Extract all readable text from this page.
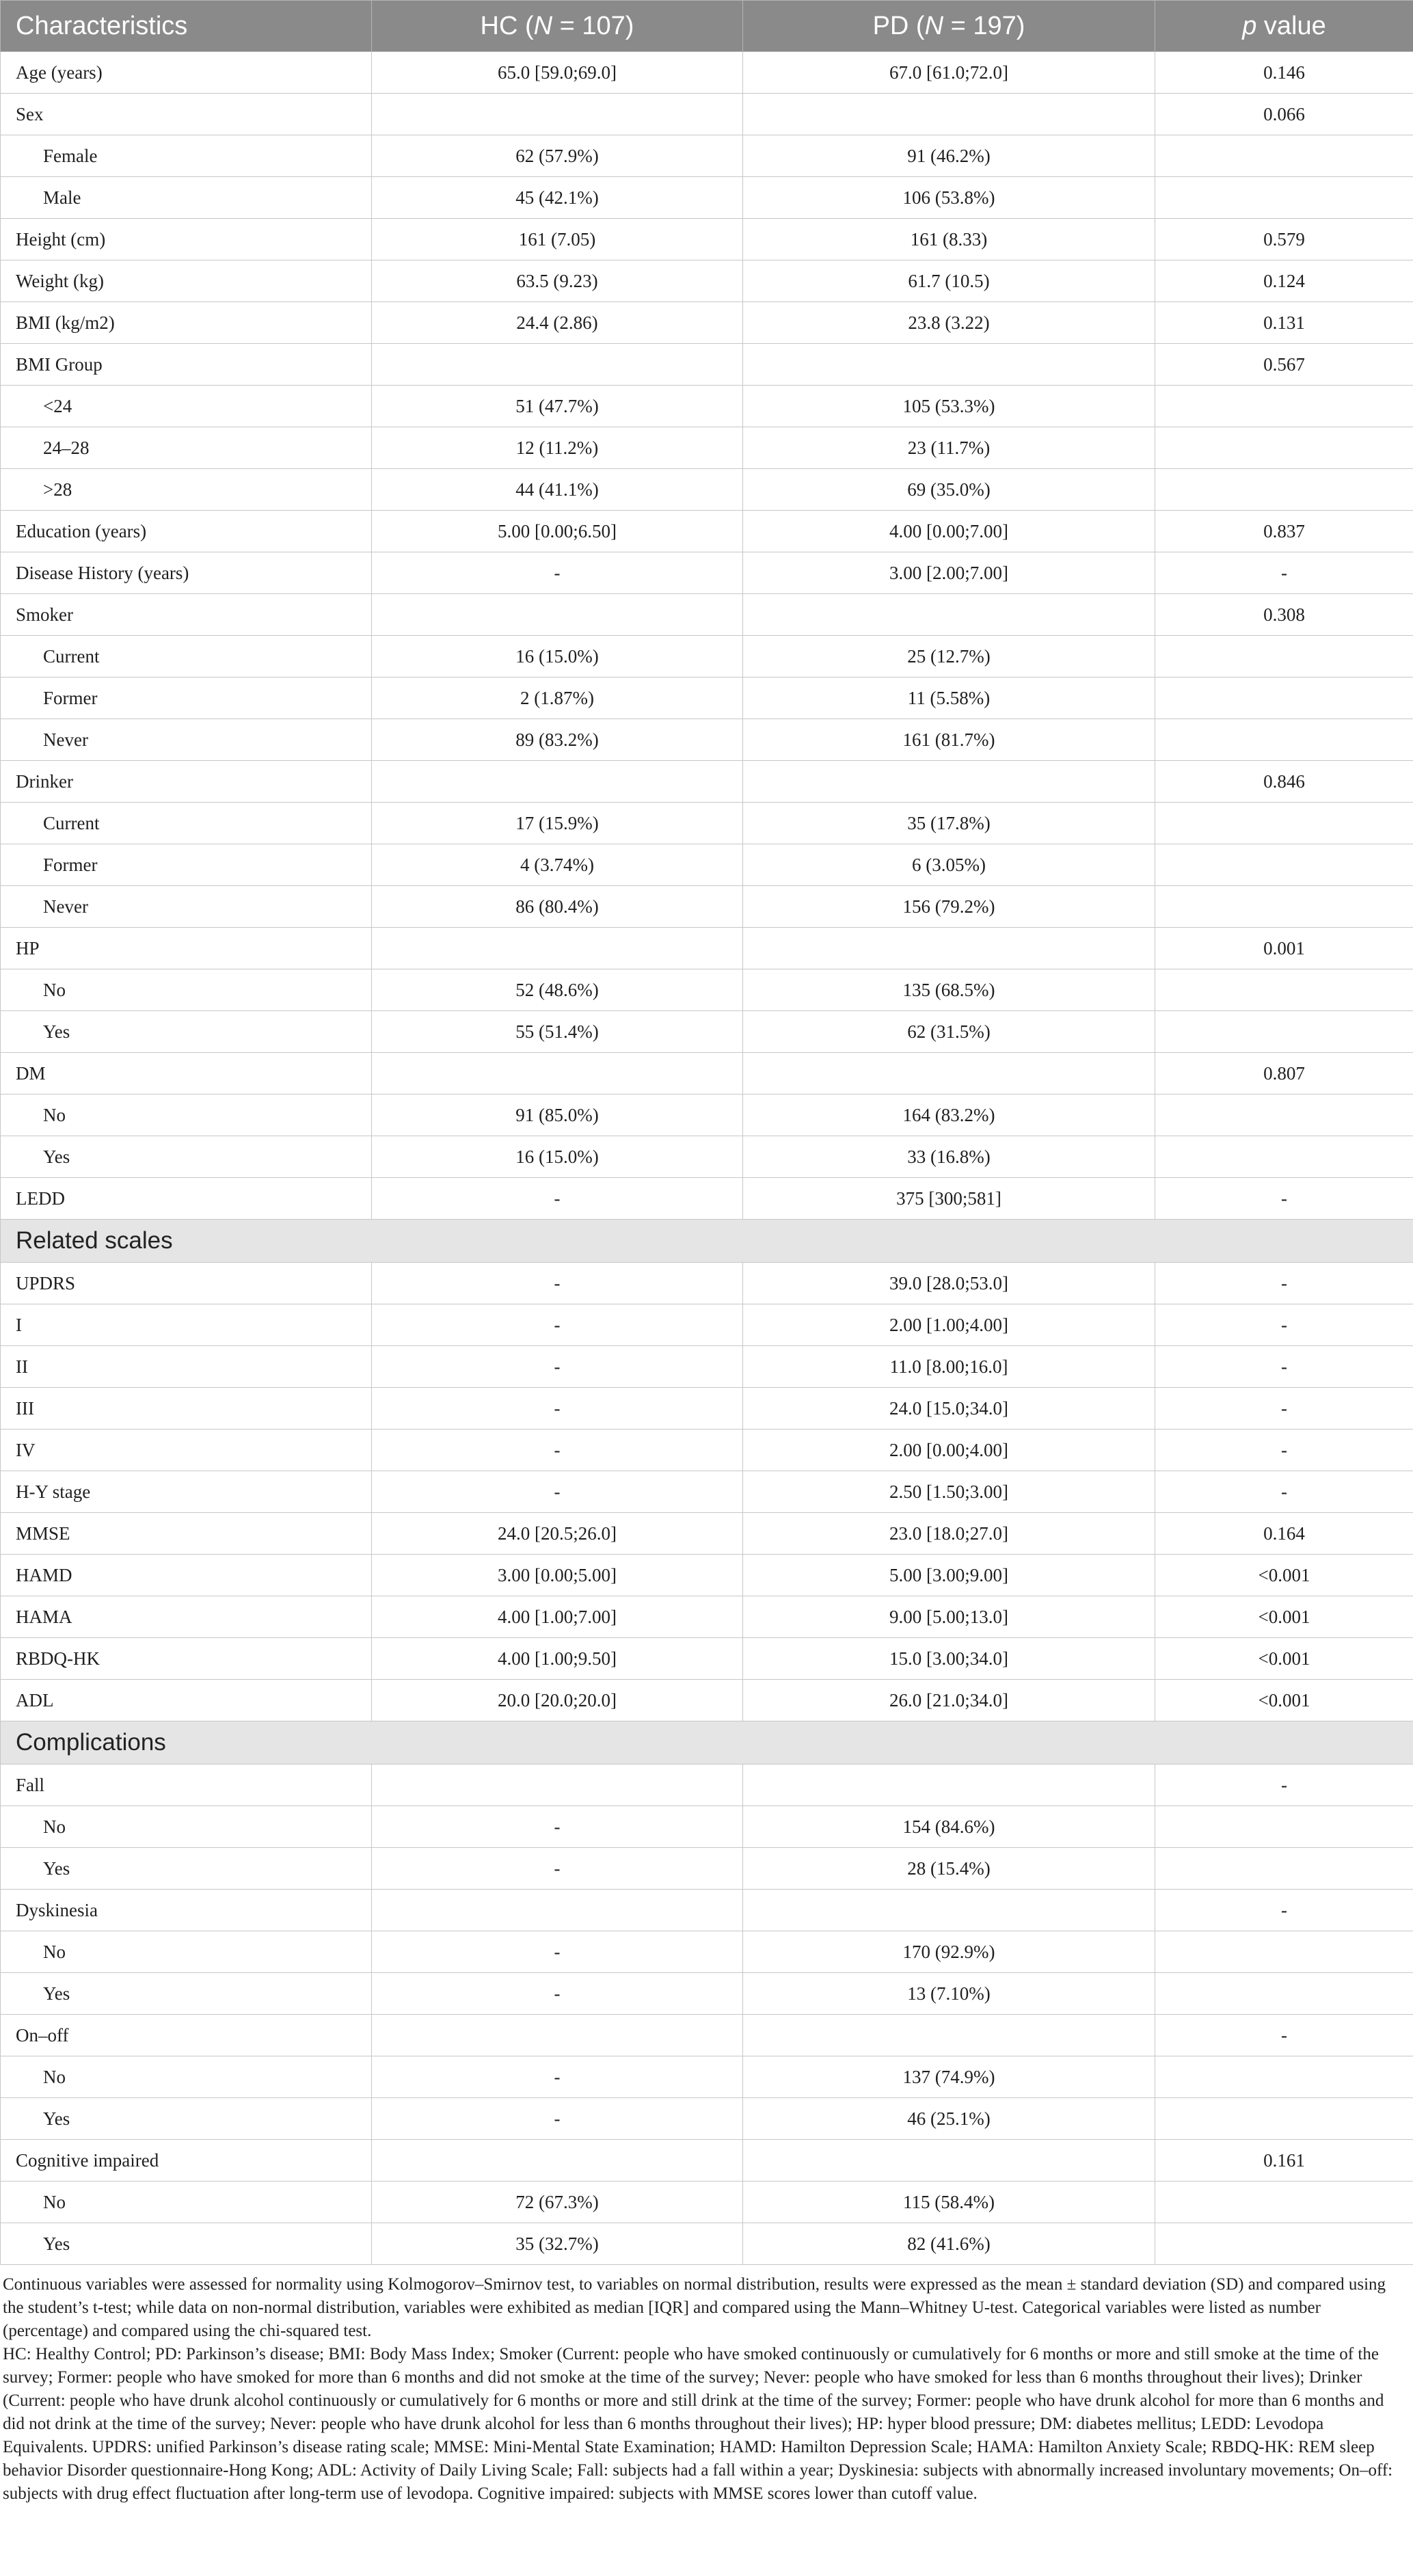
Characteristics	HC (N = 107)	PD (N = 197)	p value
Age (years)	65.0 [59.0;69.0]	67.0 [61.0;72.0]	0.146
Sex			0.066
Female	62 (57.9%)	91 (46.2%)	
Male	45 (42.1%)	106 (53.8%)	
Height (cm)	161 (7.05)	161 (8.33)	0.579
Weight (kg)	63.5 (9.23)	61.7 (10.5)	0.124
BMI (kg/m2)	24.4 (2.86)	23.8 (3.22)	0.131
BMI Group			0.567
<24	51 (47.7%)	105 (53.3%)	
24–28	12 (11.2%)	23 (11.7%)	
>28	44 (41.1%)	69 (35.0%)	
Education (years)	5.00 [0.00;6.50]	4.00 [0.00;7.00]	0.837
Disease History (years)	-	3.00 [2.00;7.00]	-
Smoker			0.308
Current	16 (15.0%)	25 (12.7%)	
Former	2 (1.87%)	11 (5.58%)	
Never	89 (83.2%)	161 (81.7%)	
Drinker			0.846
Current	17 (15.9%)	35 (17.8%)	
Former	4 (3.74%)	6 (3.05%)	
Never	86 (80.4%)	156 (79.2%)	
HP			0.001
No	52 (48.6%)	135 (68.5%)	
Yes	55 (51.4%)	62 (31.5%)	
DM			0.807
No	91 (85.0%)	164 (83.2%)	
Yes	16 (15.0%)	33 (16.8%)	
LEDD	-	375 [300;581]	-
Related scales			
UPDRS	-	39.0 [28.0;53.0]	-
I	-	2.00 [1.00;4.00]	-
II	-	11.0 [8.00;16.0]	-
III	-	24.0 [15.0;34.0]	-
IV	-	2.00 [0.00;4.00]	-
H-Y stage	-	2.50 [1.50;3.00]	-
MMSE	24.0 [20.5;26.0]	23.0 [18.0;27.0]	0.164
HAMD	3.00 [0.00;5.00]	5.00 [3.00;9.00]	<0.001
HAMA	4.00 [1.00;7.00]	9.00 [5.00;13.0]	<0.001
RBDQ-HK	4.00 [1.00;9.50]	15.0 [3.00;34.0]	<0.001
ADL	20.0 [20.0;20.0]	26.0 [21.0;34.0]	<0.001
Complications			
Fall			-
No	-	154 (84.6%)	
Yes	-	28 (15.4%)	
Dyskinesia			-
No	-	170 (92.9%)	
Yes	-	13 (7.10%)	
On–off			-
No	-	137 (74.9%)	
Yes	-	46 (25.1%)	
Cognitive impaired			0.161
No	72 (67.3%)	115 (58.4%)	
Yes	35 (32.7%)	82 (41.6%)	

Continuous variables were assessed for normality using Kolmogorov–Smirnov test, to variables on normal distribution, results were expressed as the mean ± standard deviation (SD) and compared using the student’s t-test; while data on non-normal distribution, variables were exhibited as median [IQR] and compared using the Mann–Whitney U-test. Categorical variables were listed as number (percentage) and compared using the chi-squared test.

HC: Healthy Control; PD: Parkinson’s disease; BMI: Body Mass Index; Smoker (Current: people who have smoked continuously or cumulatively for 6 months or more and still smoke at the time of the survey; Former: people who have smoked for more than 6 months and did not smoke at the time of the survey; Never: people who have smoked for less than 6 months throughout their lives); Drinker (Current: people who have drunk alcohol continuously or cumulatively for 6 months or more and still drink at the time of the survey; Former: people who have drunk alcohol for more than 6 months and did not drink at the time of the survey; Never: people who have drunk alcohol for less than 6 months throughout their lives); HP: hyper blood pressure; DM: diabetes mellitus; LEDD: Levodopa Equivalents. UPDRS: unified Parkinson’s disease rating scale; MMSE: Mini-Mental State Examination; HAMD: Hamilton Depression Scale; HAMA: Hamilton Anxiety Scale; RBDQ-HK: REM sleep behavior Disorder questionnaire-Hong Kong; ADL: Activity of Daily Living Scale; Fall: subjects had a fall within a year; Dyskinesia: subjects with abnormally increased involuntary movements; On–off: subjects with drug effect fluctuation after long-term use of levodopa. Cognitive impaired: subjects with MMSE scores lower than cutoff value.
